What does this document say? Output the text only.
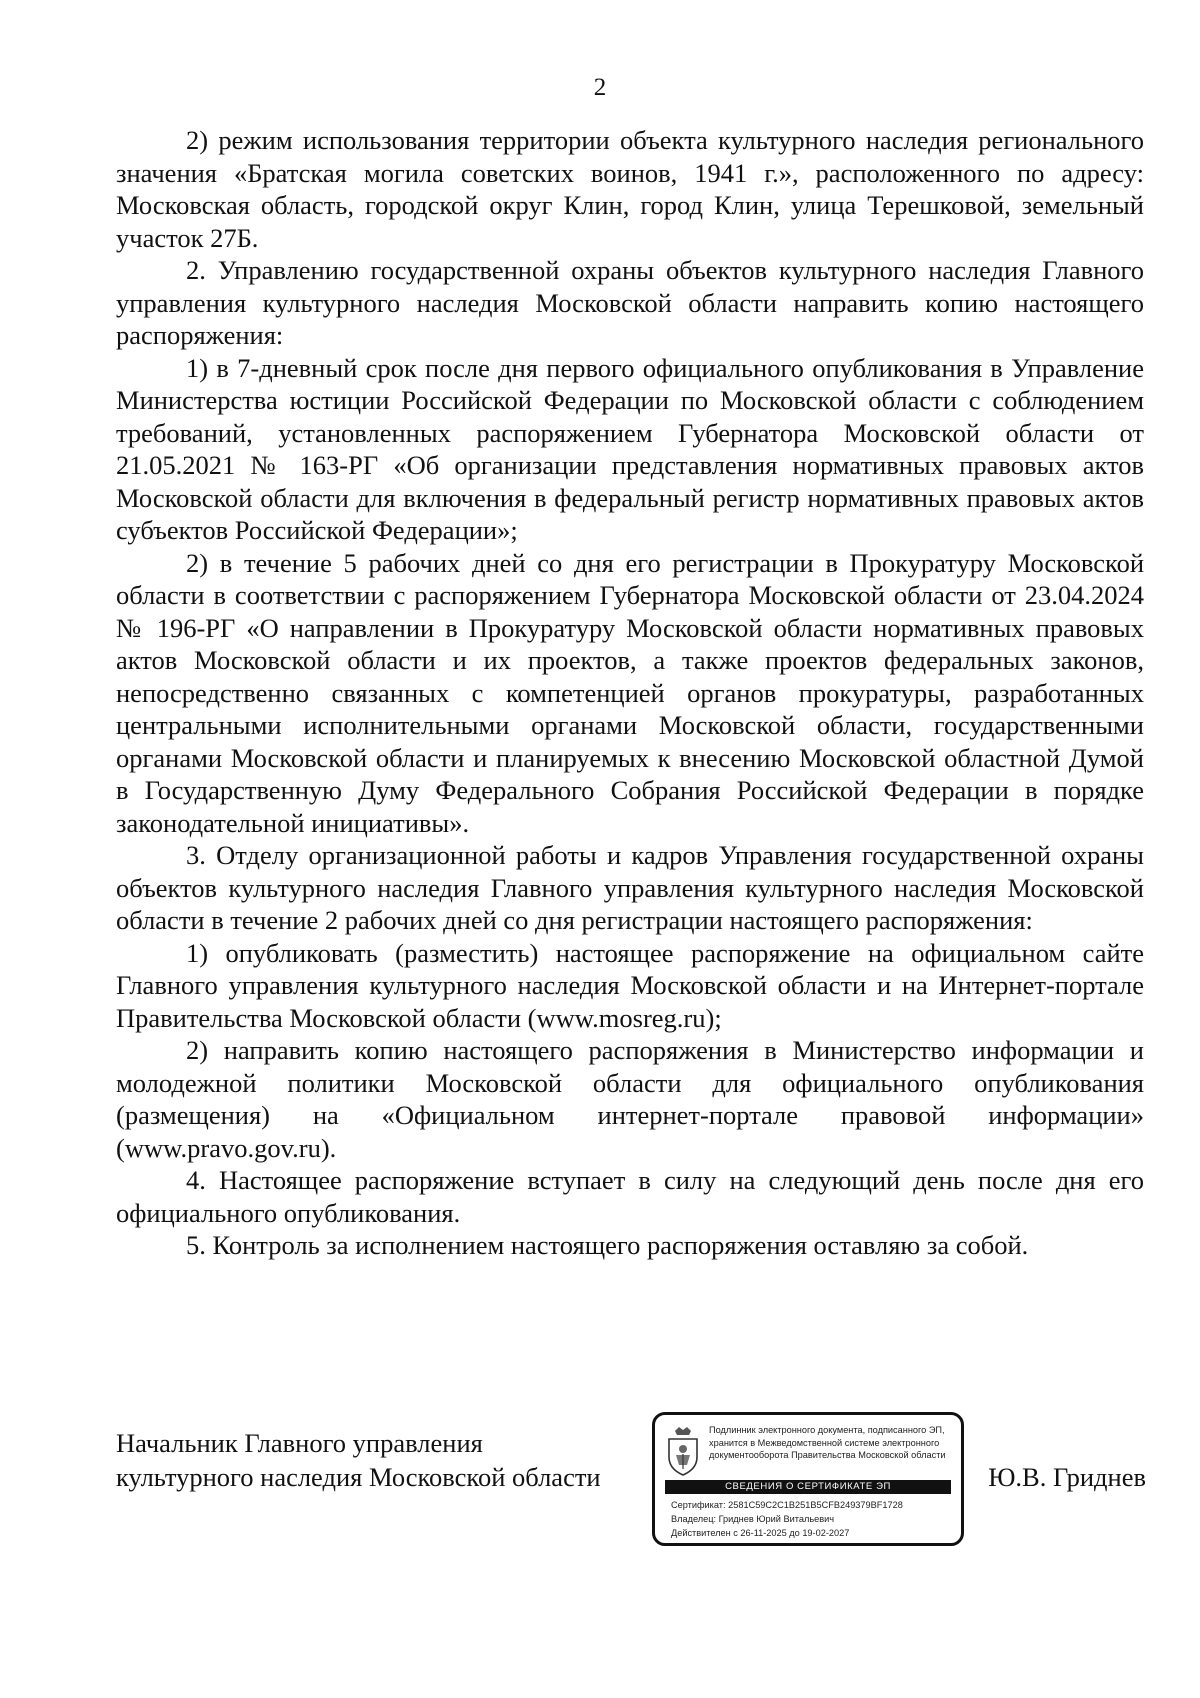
2

2) режим использования территории объекта культурного наследия регионального значения «Братская могила советских воинов, 1941 г.», расположенного по адресу: Московская область, городской округ Клин, город Клин, улица Терешковой, земельный участок 27Б.

2. Управлению государственной охраны объектов культурного наследия Главного управления культурного наследия Московской области направить копию настоящего распоряжения:

1) в 7-дневный срок после дня первого официального опубликования в Управление Министерства юстиции Российской Федерации по Московской области с соблюдением требований, установленных распоряжением Губернатора Московской области от 21.05.2021 № 163-РГ «Об организации представления нормативных правовых актов Московской области для включения в федеральный регистр нормативных правовых актов субъектов Российской Федерации»;

2) в течение 5 рабочих дней со дня его регистрации в Прокуратуру Московской области в соответствии с распоряжением Губернатора Московской области от 23.04.2024 № 196-РГ «О направлении в Прокуратуру Московской области нормативных правовых актов Московской области и их проектов, а также проектов федеральных законов, непосредственно связанных с компетенцией органов прокуратуры, разработанных центральными исполнительными органами Московской области, государственными органами Московской области и планируемых к внесению Московской областной Думой в Государственную Думу Федерального Собрания Российской Федерации в порядке законодательной инициативы».

3. Отделу организационной работы и кадров Управления государственной охраны объектов культурного наследия Главного управления культурного наследия Московской области в течение 2 рабочих дней со дня регистрации настоящего распоряжения:

1) опубликовать (разместить) настоящее распоряжение на официальном сайте Главного управления культурного наследия Московской области и на Интернет-портале Правительства Московской области (www.mosreg.ru);

2) направить копию настоящего распоряжения в Министерство информации и молодежной политики Московской области для официального опубликования (размещения) на «Официальном интернет-портале правовой информации» (www.pravo.gov.ru).

4. Настоящее распоряжение вступает в силу на следующий день после дня его официального опубликования.

5. Контроль за исполнением настоящего распоряжения оставляю за собой.

Начальник Главного управления
культурного наследия Московской области
Подлинник электронного документа, подписанного ЭП,
хранится в Межведомственной системе электронного
документооборота Правительства Московской области
СВЕДЕНИЯ О СЕРТИФИКАТЕ ЭП
Сертификат: 2581C59C2C1B251B5CFB249379BF1728
Владелец: Гриднев Юрий Витальевич
Действителен с 26-11-2025 до 19-02-2027
Ю.В. Гриднев
